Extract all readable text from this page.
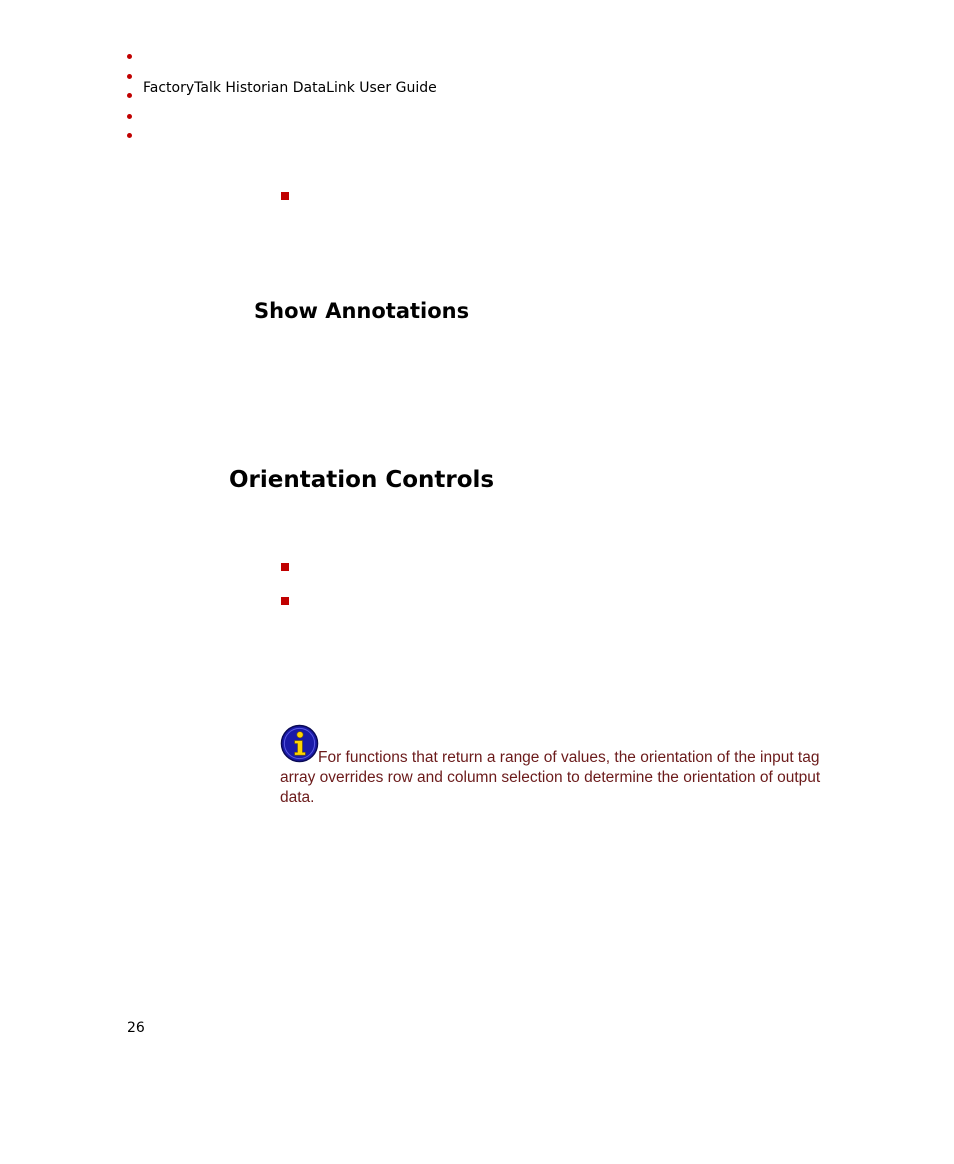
FactoryTalk Historian DataLink User Guide
Show Annotations
Orientation Controls

For functions that return a range of values, the orientation of the input tag array overrides row and column selection to determine the orientation of output data.

26
